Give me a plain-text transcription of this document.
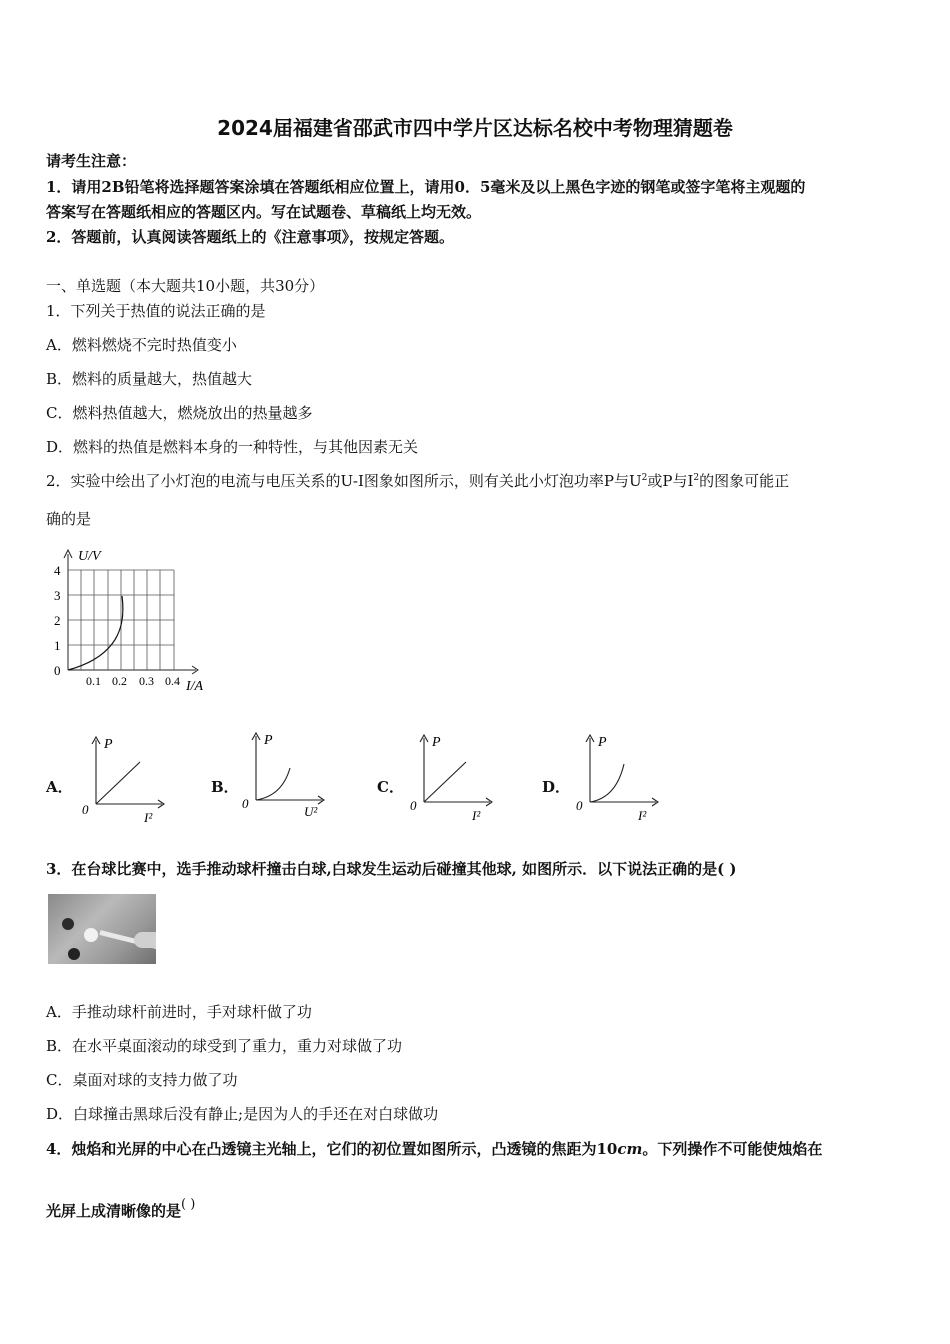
2024届福建省邵武市四中学片区达标名校中考物理猜题卷
请考生注意：
1．请用2B铅笔将选择题答案涂填在答题纸相应位置上，请用0．5毫米及以上黑色字迹的钢笔或签字笔将主观题的
答案写在答题纸相应的答题区内。写在试题卷、草稿纸上均无效。
2．答题前，认真阅读答题纸上的《注意事项》，按规定答题。
一、单选题（本大题共10小题，共30分）
1．下列关于热值的说法正确的是
A．燃料燃烧不完时热值变小
B．燃料的质量越大，热值越大
C．燃料热值越大，燃烧放出的热量越多
D．燃料的热值是燃料本身的一种特性，与其他因素无关
2．实验中绘出了小灯泡的电流与电压关系的U-I图象如图所示，则有关此小灯泡功率P与$U^2$或P与$I^2$的图象可能正
确的是
U/V
I/A
4
3
2
1
0
0.1 0.2 0.3 0.4
A．
P
0
I²
B．
P
0
U²
C．
P
0
I²
D．
P
0
I²
3．在台球比赛中，选手推动球杆撞击白球,白球发生运动后碰撞其他球, 如图所示．以下说法正确的是( )
A．手推动球杆前进时，手对球杆做了功
B．在水平桌面滚动的球受到了重力，重力对球做了功
C．桌面对球的支持力做了功
D．白球撞击黑球后没有静止;是因为人的手还在对白球做功
4．烛焰和光屏的中心在凸透镜主光轴上，它们的初位置如图所示，凸透镜的焦距为10cm。下列操作不可能使烛焰在
光屏上成清晰像的是( )
